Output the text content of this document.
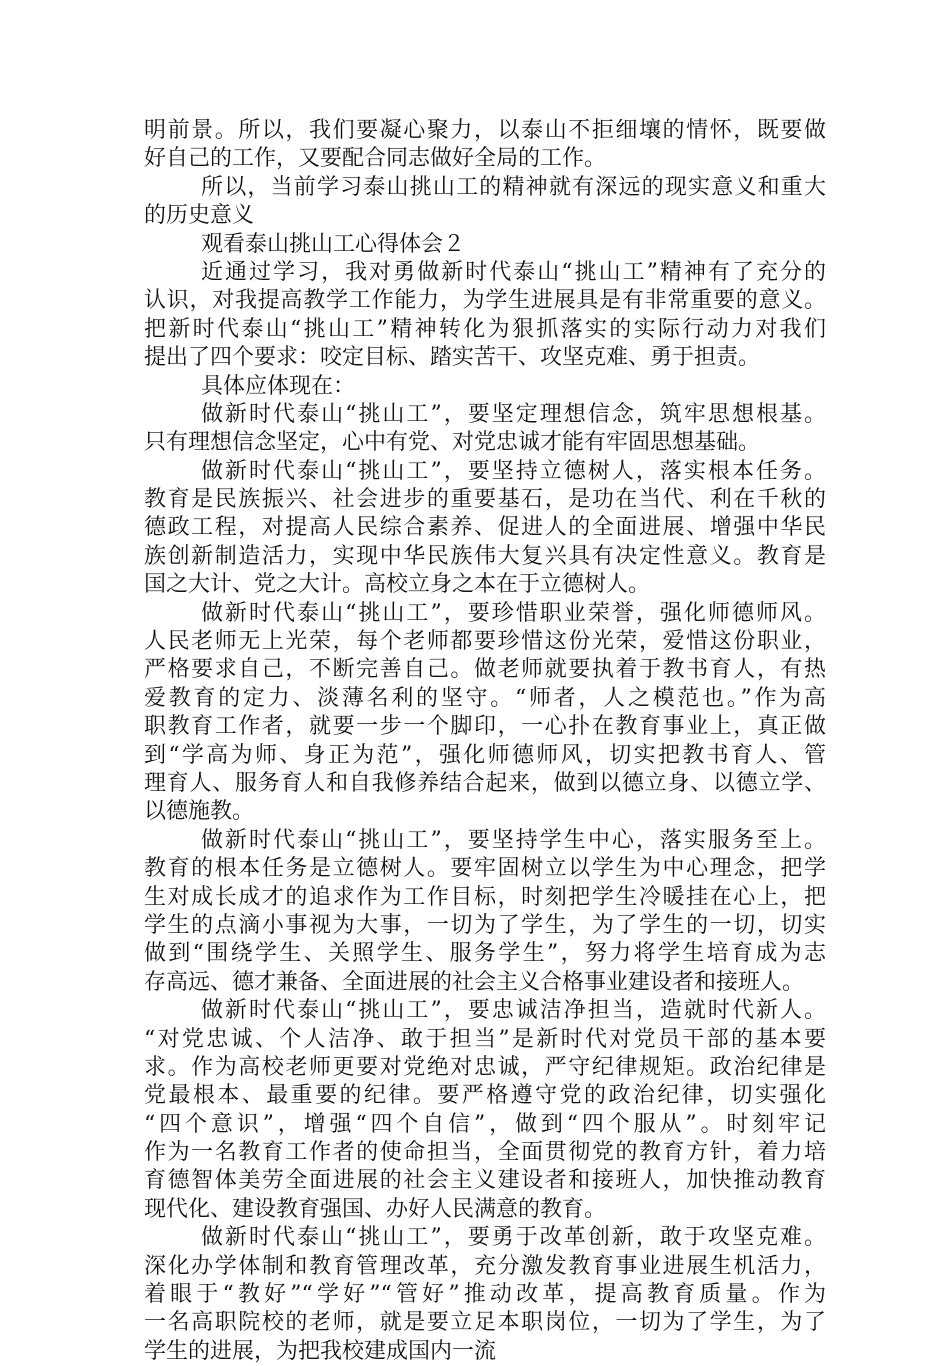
明前景。所以，我们要凝心聚力，以泰山不拒细壤的情怀，既要做
好自己的工作，又要配合同志做好全局的工作。
所以，当前学习泰山挑山工的精神就有深远的现实意义和重大
的历史意义
观看泰山挑山工心得体会２
近通过学习，我对勇做新时代泰山“挑山工”精神有了充分的
认识，对我提高教学工作能力，为学生进展具是有非常重要的意义。
把新时代泰山“挑山工”精神转化为狠抓落实的实际行动力对我们
提出了四个要求：咬定目标、踏实苦干、攻坚克难、勇于担责。
具体应体现在：
做新时代泰山“挑山工”，要坚定理想信念，筑牢思想根基。
只有理想信念坚定，心中有党、对党忠诚才能有牢固思想基础。
做新时代泰山“挑山工”，要坚持立德树人，落实根本任务。
教育是民族振兴、社会进步的重要基石，是功在当代、利在千秋的
德政工程，对提高人民综合素养、促进人的全面进展、增强中华民
族创新制造活力，实现中华民族伟大复兴具有决定性意义。教育是
国之大计、党之大计。高校立身之本在于立德树人。
做新时代泰山“挑山工”，要珍惜职业荣誉，强化师德师风。
人民老师无上光荣，每个老师都要珍惜这份光荣，爱惜这份职业，
严格要求自己，不断完善自己。做老师就要执着于教书育人，有热
爱教育的定力、淡薄名利的坚守。“师者，人之模范也。”作为高
职教育工作者，就要一步一个脚印，一心扑在教育事业上，真正做
到“学高为师、身正为范”，强化师德师风，切实把教书育人、管
理育人、服务育人和自我修养结合起来，做到以德立身、以德立学、
以德施教。
做新时代泰山“挑山工”，要坚持学生中心，落实服务至上。
教育的根本任务是立德树人。要牢固树立以学生为中心理念，把学
生对成长成才的追求作为工作目标，时刻把学生冷暖挂在心上，把
学生的点滴小事视为大事，一切为了学生，为了学生的一切，切实
做到“围绕学生、关照学生、服务学生”，努力将学生培育成为志
存高远、德才兼备、全面进展的社会主义合格事业建设者和接班人。
做新时代泰山“挑山工”，要忠诚洁净担当，造就时代新人。
“对党忠诚、个人洁净、敢于担当”是新时代对党员干部的基本要
求。作为高校老师更要对党绝对忠诚，严守纪律规矩。政治纪律是
党最根本、最重要的纪律。要严格遵守党的政治纪律，切实强化
“四个意识”，增强“四个自信”，做到“四个服从”。时刻牢记
作为一名教育工作者的使命担当，全面贯彻党的教育方针，着力培
育德智体美劳全面进展的社会主义建设者和接班人，加快推动教育
现代化、建设教育强国、办好人民满意的教育。
做新时代泰山“挑山工”，要勇于改革创新，敢于攻坚克难。
深化办学体制和教育管理改革，充分激发教育事业进展生机活力，
着眼于“教好”“学好”“管好”推动改革，提高教育质量。作为
一名高职院校的老师，就是要立足本职岗位，一切为了学生，为了
学生的进展，为把我校建成国内一流
